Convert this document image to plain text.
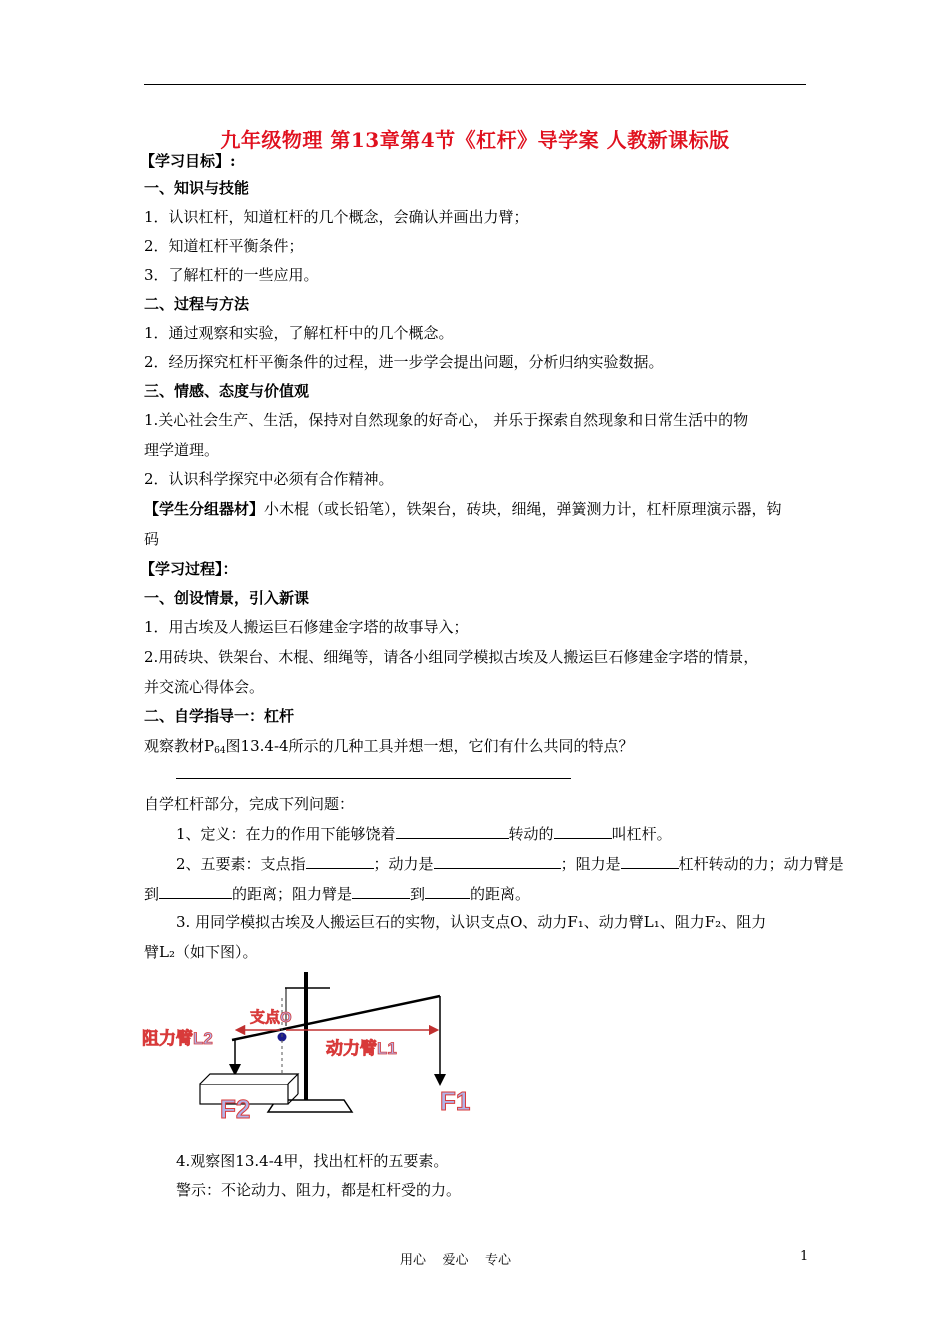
九年级物理 第13章第4节《杠杆》导学案 人教新课标版
【学习目标】:
一、知识与技能
1．认识杠杆，知道杠杆的几个概念，会确认并画出力臂；
2．知道杠杆平衡条件；
3．了解杠杆的一些应用。
二、过程与方法
1．通过观察和实验，了解杠杆中的几个概念。
2．经历探究杠杆平衡条件的过程，进一步学会提出问题，分析归纳实验数据。
三、情感、态度与价值观
1.关心社会生产、生活，保持对自然现象的好奇心， 并乐于探索自然现象和日常生活中的物
理学道理。
2．认识科学探究中必须有合作精神。
【学生分组器材】小木棍（或长铅笔），铁架台，砖块，细绳，弹簧测力计，杠杆原理演示器，钩
码
【学习过程】：
一、创设情景，引入新课
1．用古埃及人搬运巨石修建金字塔的故事导入；
2.用砖块、铁架台、木棍、细绳等，请各小组同学模拟古埃及人搬运巨石修建金字塔的情景，
并交流心得体会。
二、自学指导一：杠杆
观察教材$P_{64}$图13.4-4所示的几种工具并想一想，它们有什么共同的特点？
自学杠杆部分，完成下列问题：
1、定义：在力的作用下能够饶着	转动的	叫杠杆。
2、五要素：支点指	；动力是	；阻力是	杠杆转动的力；动力臂是
到	的距离；阻力臂是	到	的距离。
3. 用同学模拟古埃及人搬运巨石的实物，认识支点O、动力F₁、动力臂L₁、阻力F₂、阻力
臂L₂（如下图）。
支点O
阻力臂L2
动力臂L1
F2	F1
4.观察图13.4-4甲，找出杠杆的五要素。
警示：不论动力、阻力，都是杠杆受的力。
用心    爱心    专心	1
